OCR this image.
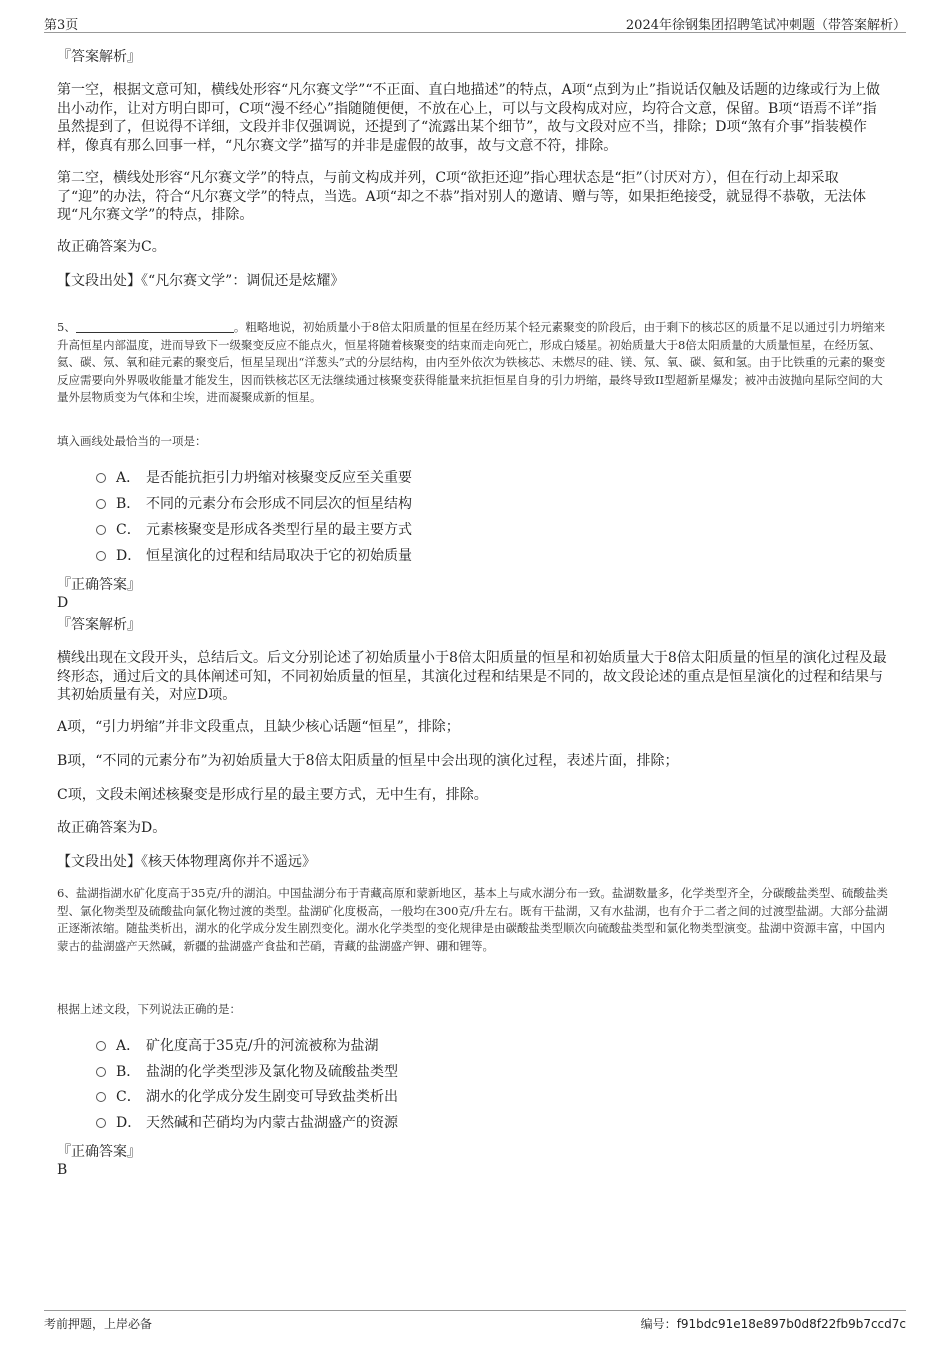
第3页	2024年徐钢集团招聘笔试冲刺题（带答案解析）
『答案解析』

第一空，根据文意可知，横线处形容“凡尔赛文学”“不正面、直白地描述”的特点，A项“点到为止”指说话仅触及话题的边缘或行为上做出小动作，让对方明白即可，C项“漫不经心”指随随便便，不放在心上，可以与文段构成对应，均符合文意，保留。B项“语焉不详”指虽然提到了，但说得不详细，文段并非仅强调说，还提到了“流露出某个细节”，故与文段对应不当，排除；D项“煞有介事”指装模作样，像真有那么回事一样，“凡尔赛文学”描写的并非是虚假的故事，故与文意不符，排除。

第二空，横线处形容“凡尔赛文学”的特点，与前文构成并列，C项“欲拒还迎”指心理状态是“拒”（讨厌对方），但在行动上却采取了“迎”的办法，符合“凡尔赛文学”的特点，当选。A项“却之不恭”指对别人的邀请、赠与等，如果拒绝接受，就显得不恭敬，无法体现“凡尔赛文学”的特点，排除。

故正确答案为C。

【文段出处】《“凡尔赛文学”：调侃还是炫耀》

5、	。粗略地说，初始质量小于8倍太阳质量的恒星在经历某个轻元素聚变的阶段后，由于剩下的核芯区的质量不足以通过引力坍缩来升高恒星内部温度，进而导致下一级聚变反应不能点火，恒星将随着核聚变的结束而走向死亡，形成白矮星。初始质量大于8倍太阳质量的大质量恒星，在经历氢、氦、碳、氖、氧和硅元素的聚变后，恒星呈现出“洋葱头”式的分层结构，由内至外依次为铁核芯、未燃尽的硅、镁、氖、氧、碳、氦和氢。由于比铁重的元素的聚变反应需要向外界吸收能量才能发生，因而铁核芯区无法继续通过核聚变获得能量来抗拒恒星自身的引力坍缩，最终导致II型超新星爆发；被冲击波抛向星际空间的大量外层物质变为气体和尘埃，进而凝聚成新的恒星。

填入画线处最恰当的一项是：

A． 是否能抗拒引力坍缩对核聚变反应至关重要
B． 不同的元素分布会形成不同层次的恒星结构
C． 元素核聚变是形成各类型行星的最主要方式
D． 恒星演化的过程和结局取决于它的初始质量
『正确答案』
D
『答案解析』

横线出现在文段开头，总结后文。后文分别论述了初始质量小于8倍太阳质量的恒星和初始质量大于8倍太阳质量的恒星的演化过程及最终形态，通过后文的具体阐述可知，不同初始质量的恒星，其演化过程和结果是不同的，故文段论述的重点是恒星演化的过程和结果与其初始质量有关，对应D项。

A项，“引力坍缩”并非文段重点，且缺少核心话题“恒星”，排除；

B项，“不同的元素分布”为初始质量大于8倍太阳质量的恒星中会出现的演化过程，表述片面，排除；

C项，文段未阐述核聚变是形成行星的最主要方式，无中生有，排除。

故正确答案为D。

【文段出处】《核天体物理离你并不遥远》

6、盐湖指湖水矿化度高于35克/升的湖泊。中国盐湖分布于青藏高原和蒙新地区，基本上与咸水湖分布一致。盐湖数量多，化学类型齐全，分碳酸盐类型、硫酸盐类型、氯化物类型及硫酸盐向氯化物过渡的类型。盐湖矿化度极高，一般均在300克/升左右。既有干盐湖，又有水盐湖，也有介于二者之间的过渡型盐湖。大部分盐湖正逐渐浓缩。随盐类析出，湖水的化学成分发生剧烈变化。湖水化学类型的变化规律是由碳酸盐类型顺次向硫酸盐类型和氯化物类型演变。盐湖中资源丰富，中国内蒙古的盐湖盛产天然碱，新疆的盐湖盛产食盐和芒硝，青藏的盐湖盛产钾、硼和锂等。

根据上述文段，下列说法正确的是：

A． 矿化度高于35克/升的河流被称为盐湖
B． 盐湖的化学类型涉及氯化物及硫酸盐类型
C． 湖水的化学成分发生剧变可导致盐类析出
D． 天然碱和芒硝均为内蒙古盐湖盛产的资源
『正确答案』
B
考前押题，上岸必备	编号：f91bdc91e18e897b0d8f22fb9b7ccd7c
